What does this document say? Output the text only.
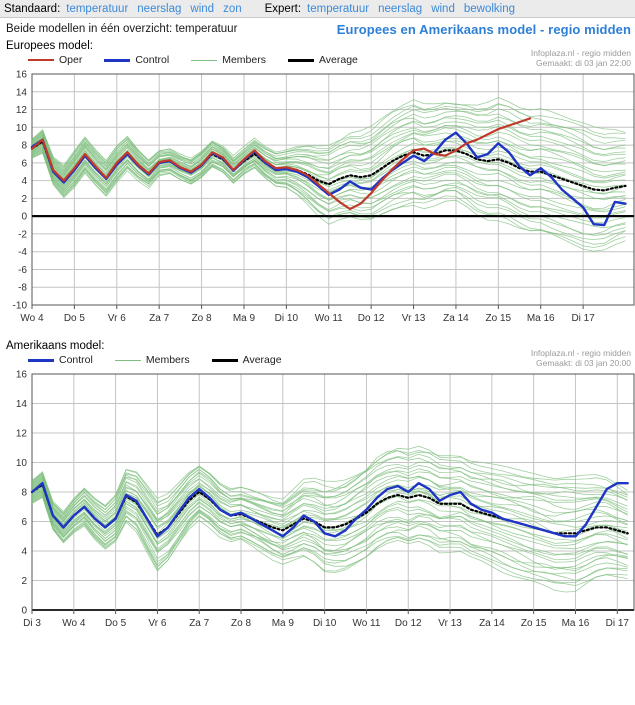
Standaard: temperatuur neerslag wind zon Expert: temperatuur neerslag wind bewolking
Beide modellen in één overzicht: temperatuur	Europees en Amerikaans model - regio midden
Europees model:
Oper	Control	Members	Average
Infoplaza.nl - regio midden
Gemaakt: di 03 jan 22:00
-10
-8
-6
-4
-2
0
2
4
6
8
10
12
14
16
Wo 4 Do 5 Vr 6 Za 7 Zo 8 Ma 9 Di 10 Wo 11 Do 12 Vr 13 Za 14 Zo 15 Ma 16 Di 17
Amerikaans model:
Control	Members	Average
Infoplaza.nl - regio midden
Gemaakt: di 03 jan 20:00
0
2
4
6
8
10
12
14
16
Di 3 Wo 4 Do 5 Vr 6 Za 7 Zo 8 Ma 9 Di 10 Wo 11 Do 12 Vr 13 Za 14 Zo 15 Ma 16 Di 17
